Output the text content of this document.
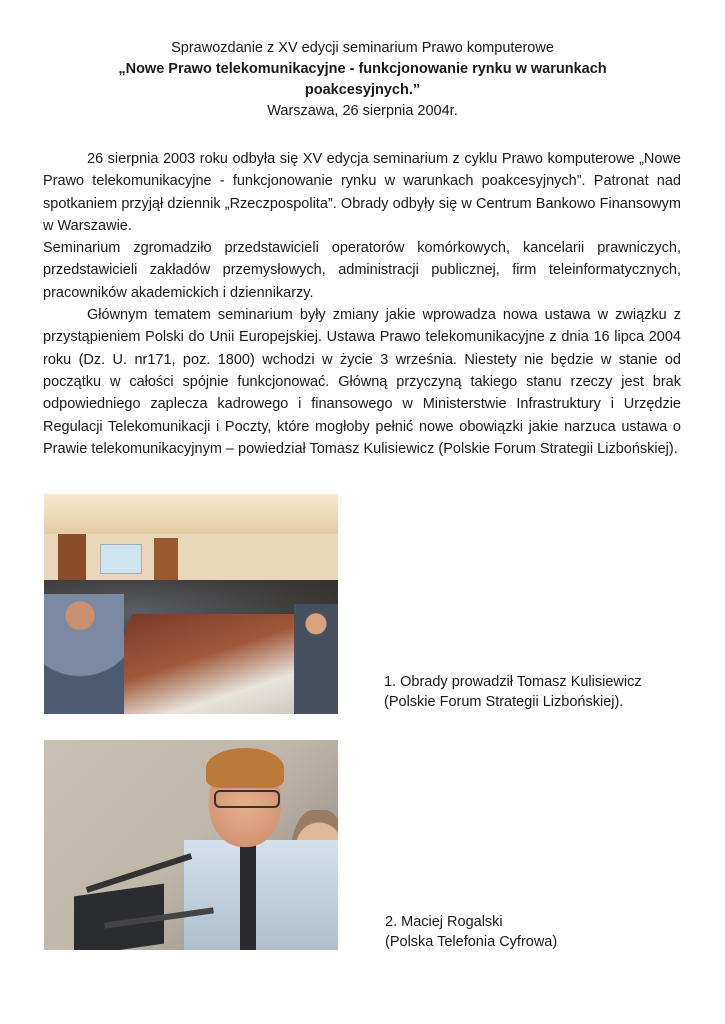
Sprawozdanie z XV edycji seminarium Prawo komputerowe
„Nowe Prawo telekomunikacyjne - funkcjonowanie rynku w warunkach
poakcesyjnych.”
Warszawa, 26 sierpnia 2004r.

26 sierpnia 2003 roku odbyła się XV edycja seminarium z cyklu Prawo komputerowe „Nowe Prawo telekomunikacyjne - funkcjonowanie rynku w warunkach poakcesyjnych”. Patronat nad spotkaniem przyjął dziennik „Rzeczpospolita”. Obrady odbyły się w Centrum Bankowo Finansowym w Warszawie.

Seminarium zgromadziło przedstawicieli operatorów komórkowych, kancelarii prawniczych, przedstawicieli zakładów przemysłowych, administracji publicznej, firm teleinformatycznych, pracowników akademickich i dziennikarzy.

Głównym tematem seminarium były zmiany jakie wprowadza nowa ustawa w związku z przystąpieniem Polski do Unii Europejskiej. Ustawa Prawo telekomunikacyjne z dnia 16 lipca 2004 roku (Dz. U. nr171, poz. 1800) wchodzi w życie 3 września. Niestety nie będzie w stanie od początku w całości spójnie funkcjonować. Główną przyczyną takiego stanu rzeczy jest brak odpowiedniego zaplecza kadrowego i finansowego w Ministerstwie Infrastruktury i Urzędzie Regulacji Telekomunikacji i Poczty, które mogłoby pełnić nowe obowiązki jakie narzuca ustawa o Prawie telekomunikacyjnym – powiedział Tomasz Kulisiewicz (Polskie Forum Strategii Lizbońskiej).

1. Obrady prowadził Tomasz Kulisiewicz
(Polskie Forum Strategii Lizbońskiej).
2. Maciej Rogalski
(Polska Telefonia Cyfrowa)
